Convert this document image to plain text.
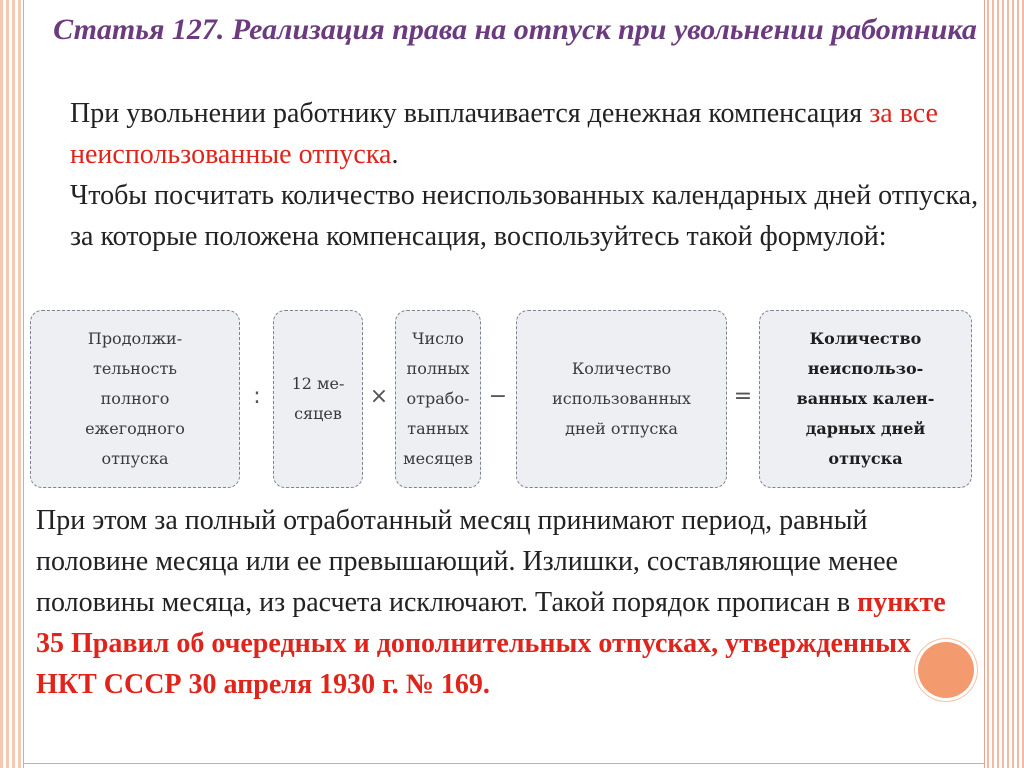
Статья 127. Реализация права на отпуск при увольнении работника

При увольнении работнику выплачивается денежная компенсация за все неиспользованные отпуска.

Чтобы посчитать количество неиспользованных календарных дней отпуска, за которые положена компенсация, воспользуйтесь такой формулой:

Продолжи-
тельность
полного
ежегодного
отпуска
:
12 ме-
сяцев
×
Число
полных
отрабо-
танных
месяцев
−
Количество
использованных
дней отпуска
=
Количество
неиспользо-
ванных кален-
дарных дней
отпуска

При этом за полный отработанный месяц принимают период, равный половине месяца или ее превышающий. Излишки, составляющие менее половины месяца, из расчета исключают. Такой порядок прописан в пункте 35 Правил об очередных и дополнительных отпусках, утвержденных НКТ СССР 30 апреля 1930 г. № 169.
